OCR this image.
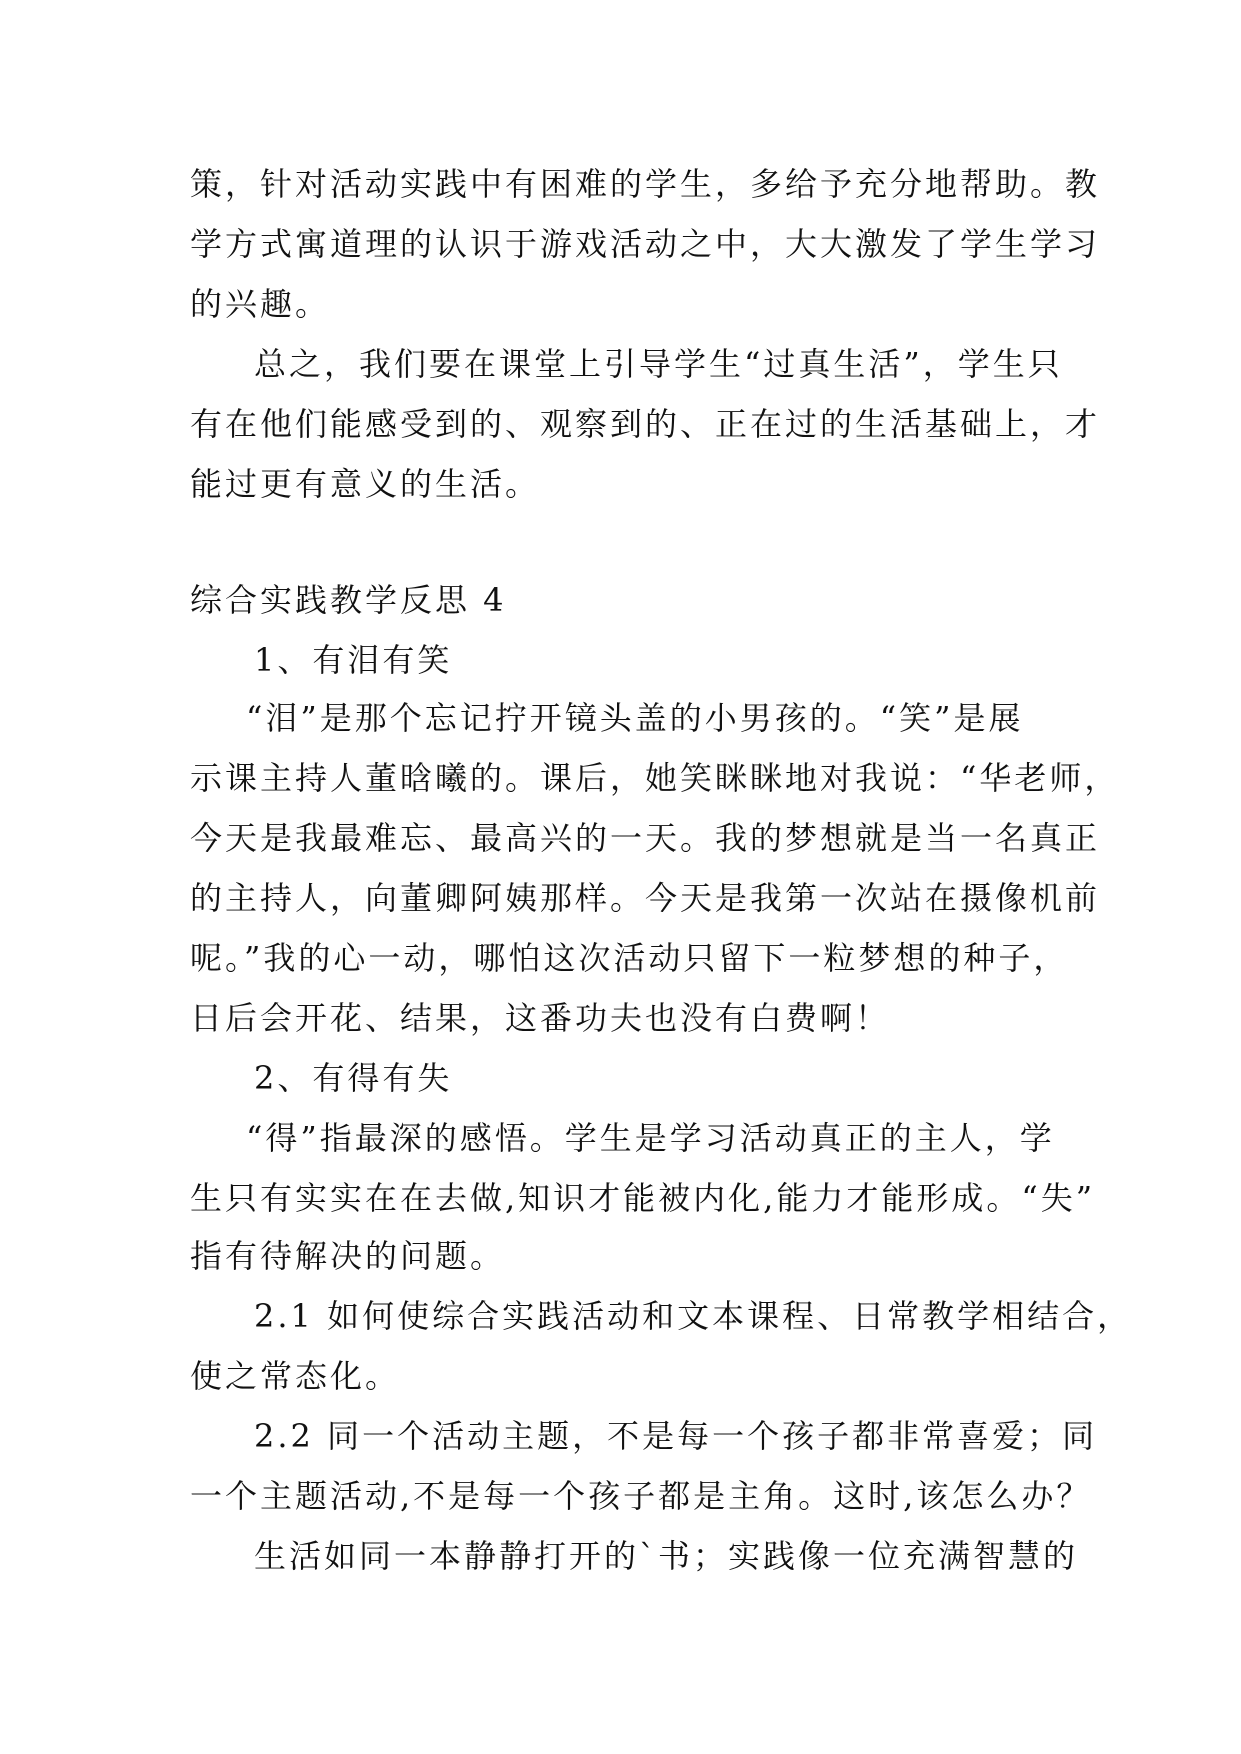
策，针对活动实践中有困难的学生，多给予充分地帮助。教
学方式寓道理的认识于游戏活动之中，大大激发了学生学习
的兴趣。
总之，我们要在课堂上引导学生“过真生活”，学生只
有在他们能感受到的、观察到的、正在过的生活基础上，才
能过更有意义的生活。
综合实践教学反思 4
1、有泪有笑
“泪”是那个忘记拧开镜头盖的小男孩的。“笑”是展
示课主持人董晗曦的。课后，她笑眯眯地对我说：“华老师，
今天是我最难忘、最高兴的一天。我的梦想就是当一名真正
的主持人，向董卿阿姨那样。今天是我第一次站在摄像机前
呢。”我的心一动，哪怕这次活动只留下一粒梦想的种子，
日后会开花、结果，这番功夫也没有白费啊！
2、有得有失
“得”指最深的感悟。学生是学习活动真正的主人，学
生只有实实在在去做,知识才能被内化,能力才能形成。“失”
指有待解决的问题。
2.1 如何使综合实践活动和文本课程、日常教学相结合，
使之常态化。
2.2 同一个活动主题，不是每一个孩子都非常喜爱；同
一个主题活动,不是每一个孩子都是主角。这时,该怎么办？
生活如同一本静静打开的`书；实践像一位充满智慧的
